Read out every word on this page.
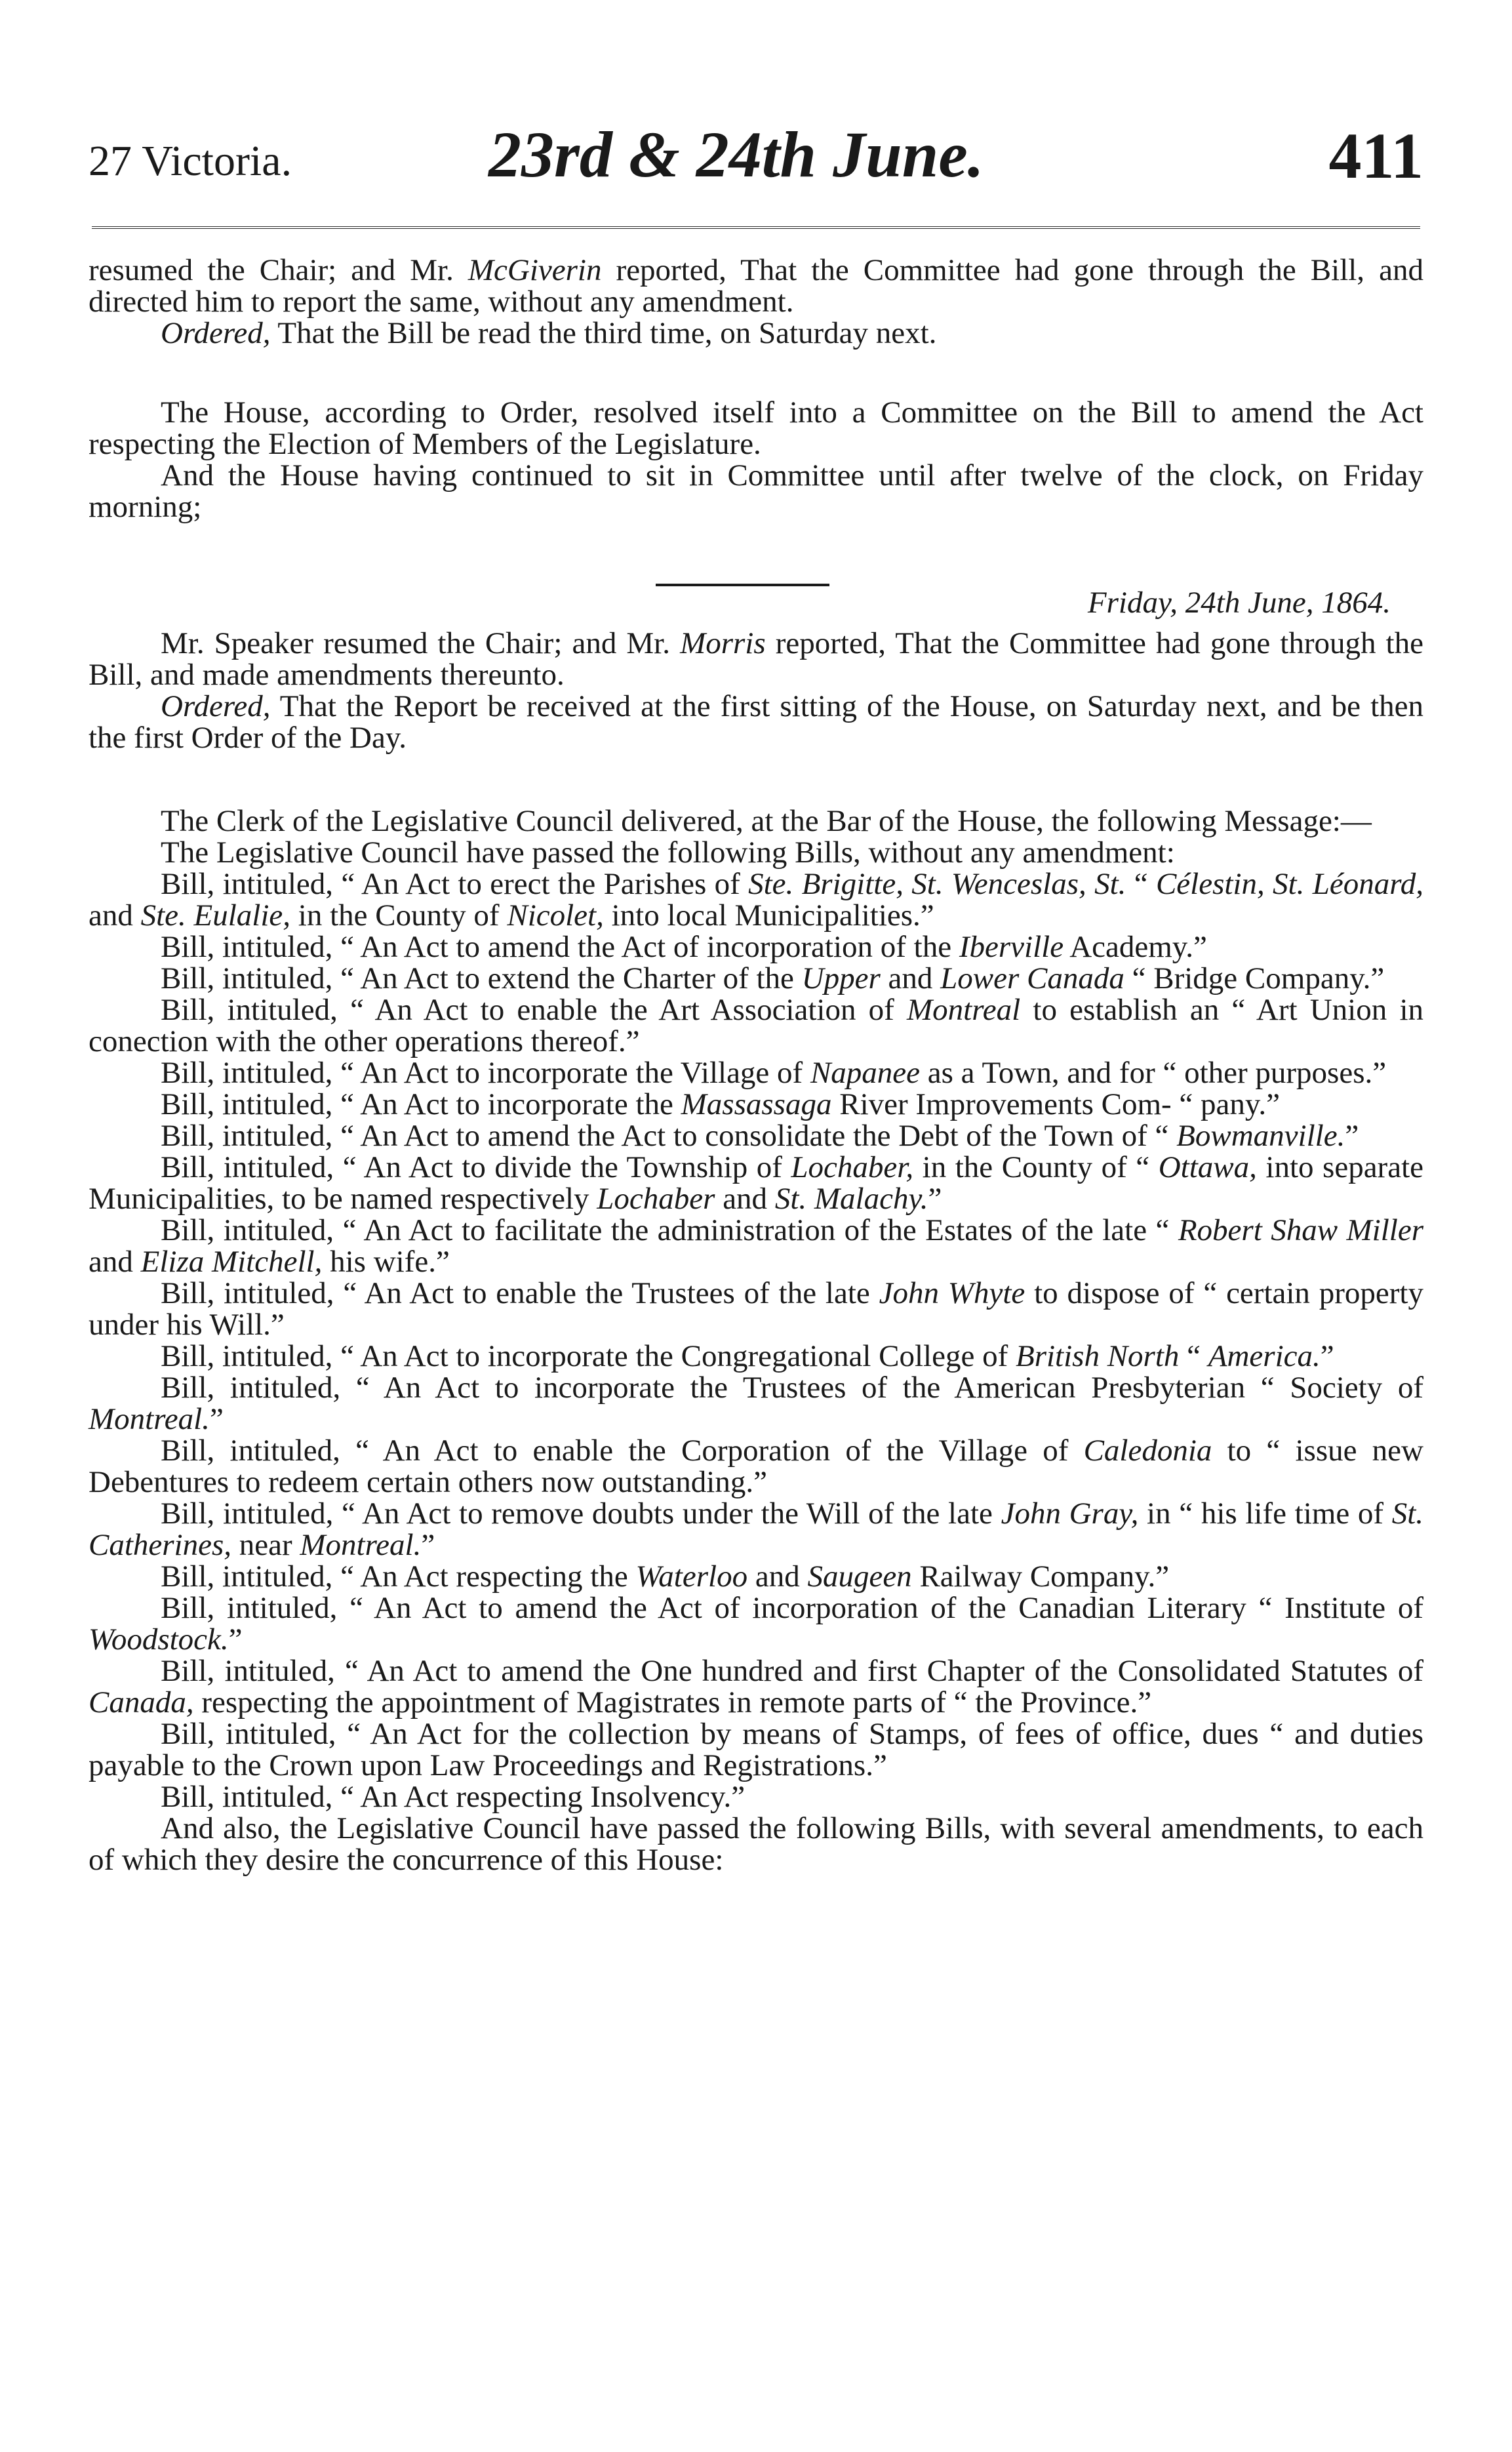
27 Victoria.	23rd & 24th June.	411

resumed the Chair; and Mr. McGiverin reported, That the Committee had gone through the Bill, and directed him to report the same, without any amendment.

Ordered, That the Bill be read the third time, on Saturday next.

The House, according to Order, resolved itself into a Committee on the Bill to amend the Act respecting the Election of Members of the Legislature.

And the House having continued to sit in Committee until after twelve of the clock, on Friday morning;

Friday, 24th June, 1864.

Mr. Speaker resumed the Chair; and Mr. Morris reported, That the Committee had gone through the Bill, and made amendments thereunto.

Ordered, That the Report be received at the first sitting of the House, on Saturday next, and be then the first Order of the Day.

The Clerk of the Legislative Council delivered, at the Bar of the House, the following Message:—

The Legislative Council have passed the following Bills, without any amendment:

Bill, intituled, “ An Act to erect the Parishes of Ste. Brigitte, St. Wenceslas, St. “ Célestin, St. Léonard, and Ste. Eulalie, in the County of Nicolet, into local Municipalities.”

Bill, intituled, “ An Act to amend the Act of incorporation of the Iberville Academy.”

Bill, intituled, “ An Act to extend the Charter of the Upper and Lower Canada “ Bridge Company.”

Bill, intituled, “ An Act to enable the Art Association of Montreal to establish an “ Art Union in conection with the other operations thereof.”

Bill, intituled, “ An Act to incorporate the Village of Napanee as a Town, and for “ other purposes.”

Bill, intituled, “ An Act to incorporate the Massassaga River Improvements Com- “ pany.”

Bill, intituled, “ An Act to amend the Act to consolidate the Debt of the Town of “ Bowmanville.”

Bill, intituled, “ An Act to divide the Township of Lochaber, in the County of “ Ottawa, into separate Municipalities, to be named respectively Lochaber and St. Malachy.”

Bill, intituled, “ An Act to facilitate the administration of the Estates of the late “ Robert Shaw Miller and Eliza Mitchell, his wife.”

Bill, intituled, “ An Act to enable the Trustees of the late John Whyte to dispose of “ certain property under his Will.”

Bill, intituled, “ An Act to incorporate the Congregational College of British North “ America.”

Bill, intituled, “ An Act to incorporate the Trustees of the American Presbyterian “ Society of Montreal.”

Bill, intituled, “ An Act to enable the Corporation of the Village of Caledonia to “ issue new Debentures to redeem certain others now outstanding.”

Bill, intituled, “ An Act to remove doubts under the Will of the late John Gray, in “ his life time of St. Catherines, near Montreal.”

Bill, intituled, “ An Act respecting the Waterloo and Saugeen Railway Company.”

Bill, intituled, “ An Act to amend the Act of incorporation of the Canadian Literary “ Institute of Woodstock.”

Bill, intituled, “ An Act to amend the One hundred and first Chapter of the Consolidated Statutes of Canada, respecting the appointment of Magistrates in remote parts of “ the Province.”

Bill, intituled, “ An Act for the collection by means of Stamps, of fees of office, dues “ and duties payable to the Crown upon Law Proceedings and Registrations.”

Bill, intituled, “ An Act respecting Insolvency.”

And also, the Legislative Council have passed the following Bills, with several amendments, to each of which they desire the concurrence of this House:
